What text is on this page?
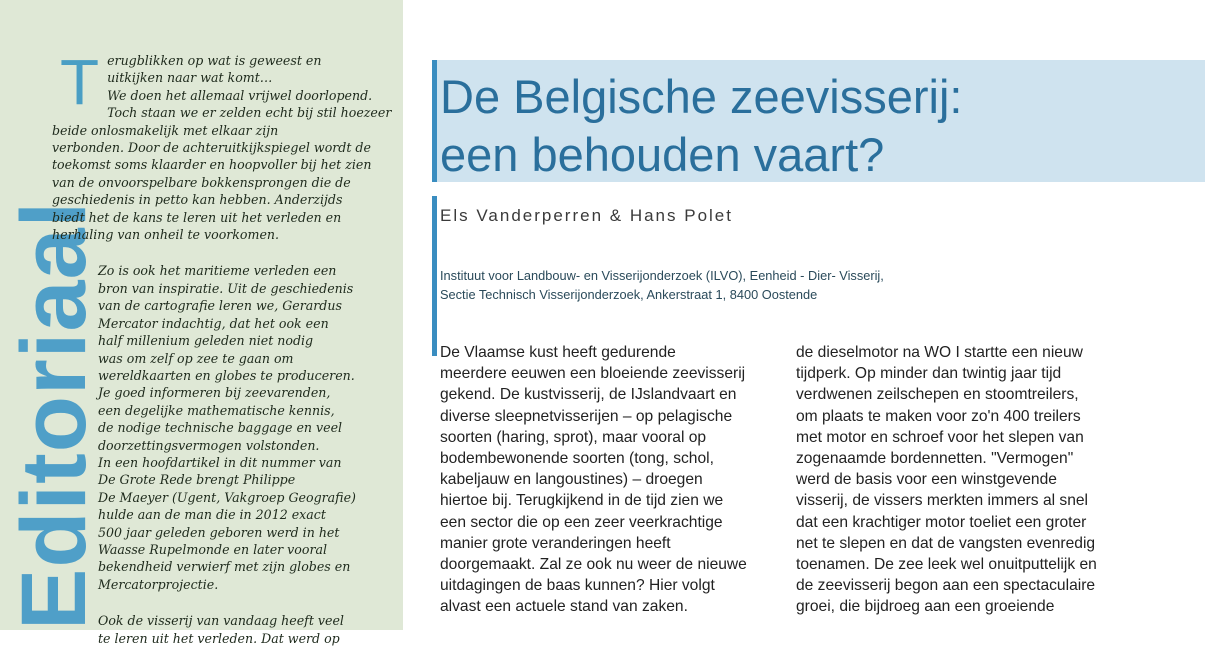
Editoriaal
T erugblikken op wat is geweest en
uitkijken naar wat komt…
We doen het allemaal vrijwel doorlopend.
Toch staan we er zelden echt bij stil hoezeer
beide onlosmakelijk met elkaar zijn
verbonden. Door de achteruitkijkspiegel wordt de
toekomst soms klaarder en hoopvoller bij het zien
van de onvoorspelbare bokkensprongen die de
geschiedenis in petto kan hebben. Anderzijds
biedt het de kans te leren uit het verleden en
herhaling van onheil te voorkomen.
Zo is ook het maritieme verleden een
bron van inspiratie. Uit de geschiedenis
van de cartografie leren we, Gerardus
Mercator indachtig, dat het ook een
half millenium geleden niet nodig
was om zelf op zee te gaan om
wereldkaarten en globes te produceren.
Je goed informeren bij zeevarenden,
een degelijke mathematische kennis,
de nodige technische baggage en veel
doorzettingsvermogen volstonden.
In een hoofdartikel in dit nummer van
De Grote Rede brengt Philippe
De Maeyer (Ugent, Vakgroep Geografie)
hulde aan de man die in 2012 exact
500 jaar geleden geboren werd in het
Waasse Rupelmonde en later vooral
bekendheid verwierf met zijn globes en
Mercatorprojectie.
Ook de visserij van vandaag heeft veel
te leren uit het verleden. Dat werd op
De Belgische zeevisserij:
een behouden vaart?
Els Vanderperren & Hans Polet
Instituut voor Landbouw- en Visserijonderzoek (ILVO), Eenheid - Dier- Visserij,
Sectie Technisch Visserijonderzoek, Ankerstraat 1, 8400 Oostende
De Vlaamse kust heeft gedurende
meerdere eeuwen een bloeiende zeevisserij
gekend. De kustvisserij, de IJslandvaart en
diverse sleepnetvisserijen – op pelagische
soorten (haring, sprot), maar vooral op
bodembewonende soorten (tong, schol,
kabeljauw en langoustines) – droegen
hiertoe bij. Terugkijkend in de tijd zien we
een sector die op een zeer veerkrachtige
manier grote veranderingen heeft
doorgemaakt. Zal ze ook nu weer de nieuwe
uitdagingen de baas kunnen? Hier volgt
alvast een actuele stand van zaken.
de dieselmotor na WO I startte een nieuw
tijdperk. Op minder dan twintig jaar tijd
verdwenen zeilschepen en stoomtreilers,
om plaats te maken voor zo'n 400 treilers
met motor en schroef voor het slepen van
zogenaamde bordennetten. "Vermogen"
werd de basis voor een winstgevende
visserij, de vissers merkten immers al snel
dat een krachtiger motor toeliet een groter
net te slepen en dat de vangsten evenredig
toenamen. De zee leek wel onuitputtelijk en
de zeevisserij begon aan een spectaculaire
groei, die bijdroeg aan een groeiende
